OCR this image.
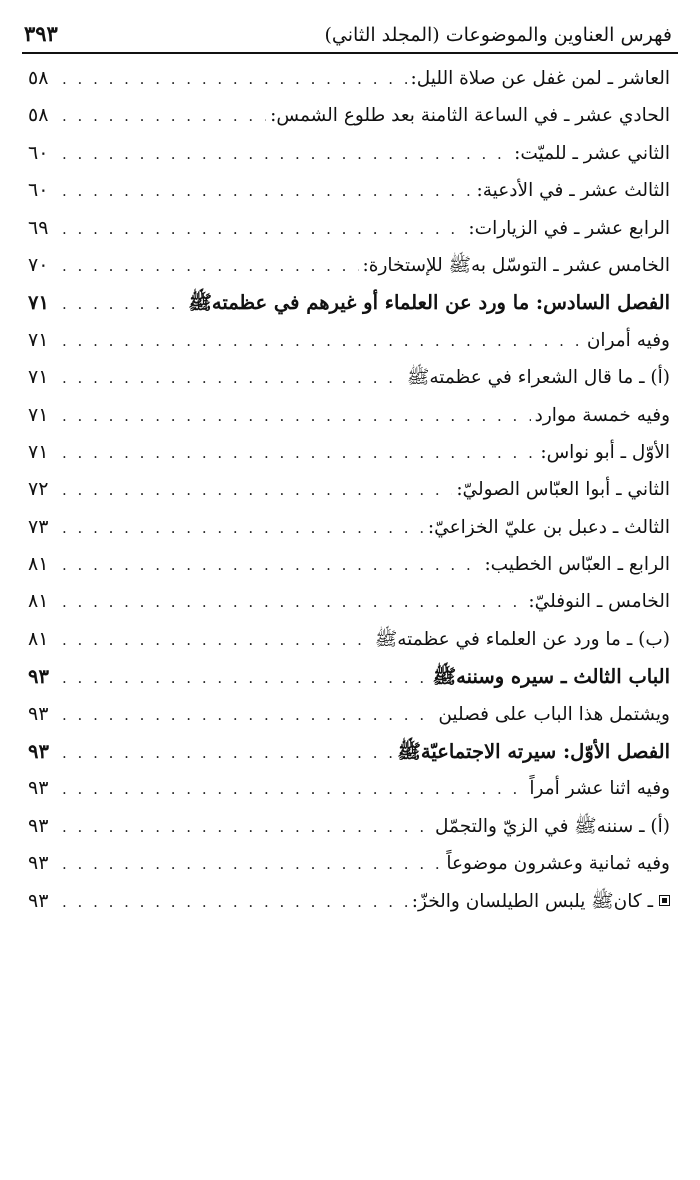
فهرس العناوين والموضوعات (المجلد الثاني)
٣٩٣
العاشر ـ لمن غفل عن صلاة الليل:
. . .
٥٨
الحادي عشر ـ في الساعة الثامنة بعد طلوع الشمس:
. . .
٥٨
الثاني عشر ـ للميّت:
. . .
٦٠
الثالث عشر ـ في الأدعية:
. . .
٦٠
الرابع عشر ـ في الزيارات:
. . .
٦٩
الخامس عشر ـ التوسّل بهﷺ للإستخارة:
. . .
٧٠
الفصل السادس: ما ورد عن العلماء أو غيرهم في عظمتهﷺ
. . .
٧١
وفيه أمران
. . .
٧١
(أ) ـ ما قال الشعراء في عظمتهﷺ
. . .
٧١
وفيه خمسة موارد
. . .
٧١
الأوّل ـ أبو نواس:
. . .
٧١
الثاني ـ أبوا العبّاس الصوليّ:
. . .
٧٢
الثالث ـ دعبل بن عليّ الخزاعيّ:
. . .
٧٣
الرابع ـ العبّاس الخطيب:
. . .
٨١
الخامس ـ النوفليّ:
. . .
٨١
(ب) ـ ما ورد عن العلماء في عظمتهﷺ
. . .
٨١
الباب الثالث ـ سيره وسننهﷺ
. . .
٩٣
ويشتمل هذا الباب على فصلين
. . .
٩٣
الفصل الأوّل: سيرته الاجتماعيّةﷺ
. . .
٩٣
وفيه اثنا عشر أمراً
. . .
٩٣
(أ) ـ سننهﷺ في الزيّ والتجمّل
. . .
٩٣
وفيه ثمانية وعشرون موضوعاً
. . .
٩٣
ـ كانﷺ يلبس الطيلسان والخزّ:
. . .
٩٣
